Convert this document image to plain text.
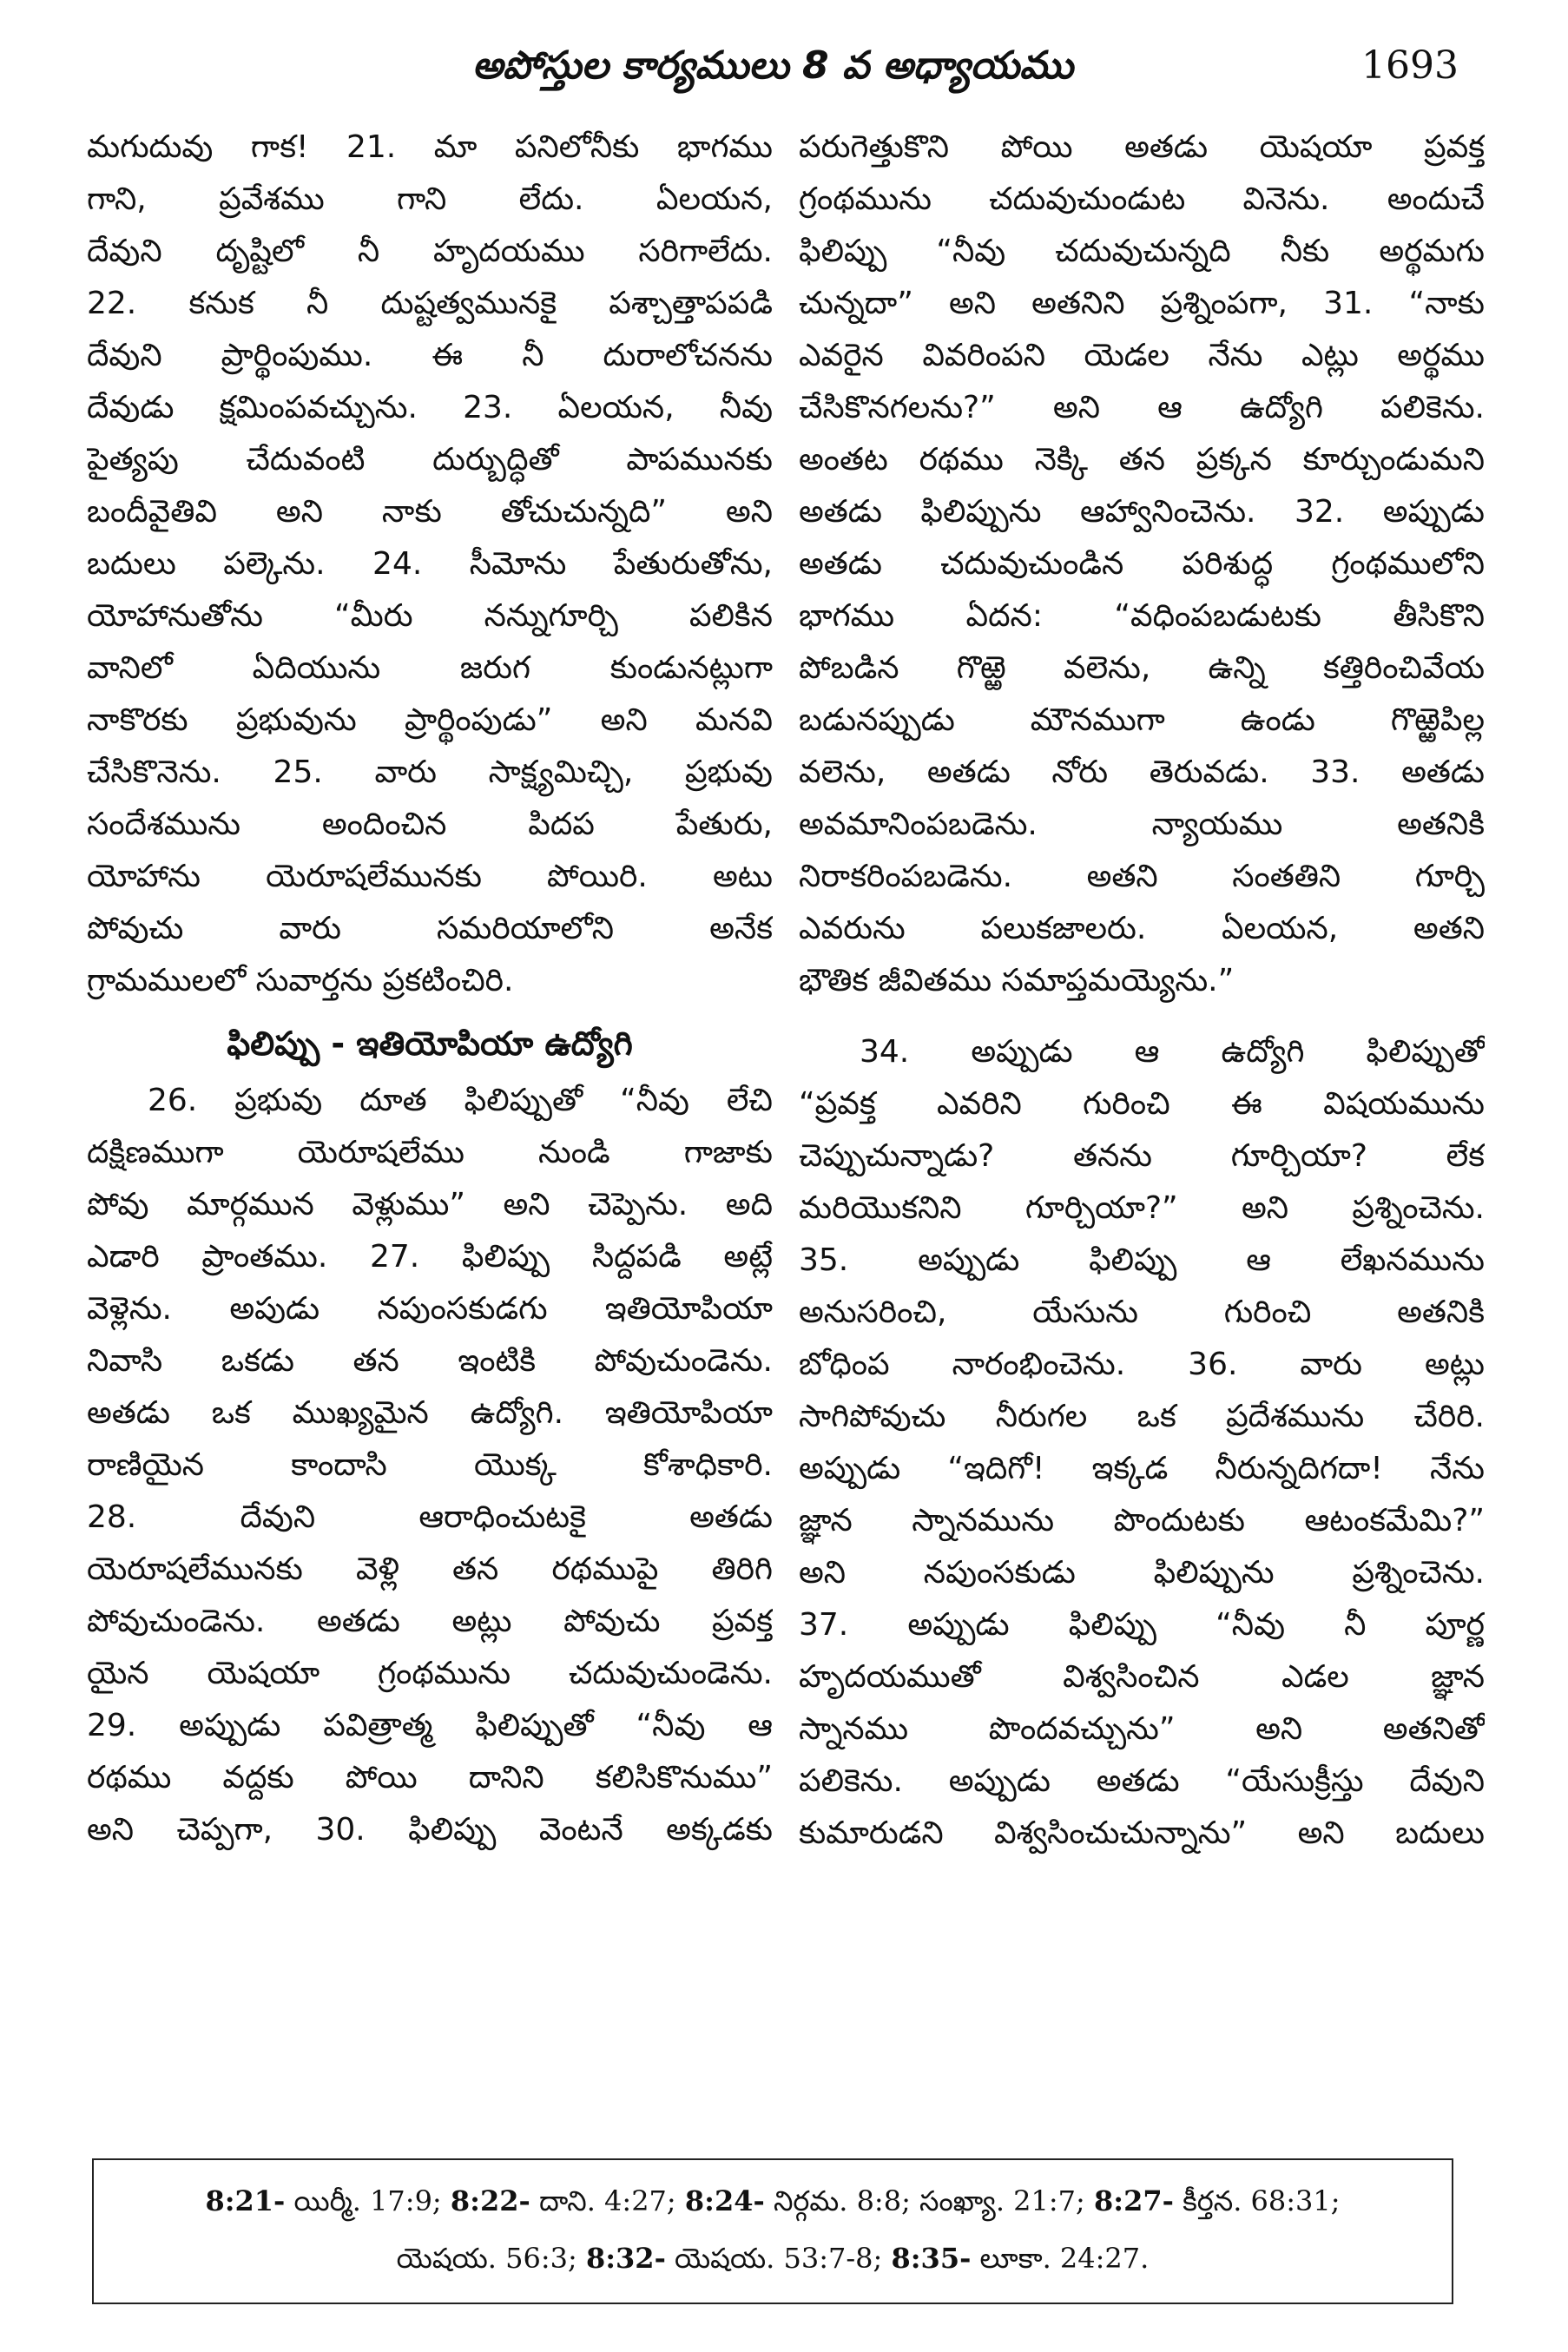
అపోస్తుల కార్యములు 8 వ అధ్యాయము	1693
మగుదువు గాక! 21. మా పనిలోనీకు భాగము
గాని, ప్రవేశము గాని లేదు. ఏలయన,
దేవుని దృష్టిలో నీ హృదయము సరిగాలేదు.
22. కనుక నీ దుష్టత్వమునకై పశ్చాత్తాపపడి
దేవుని ప్రార్థింపుము. ఈ నీ దురాలోచనను
దేవుడు క్షమింపవచ్చును. 23. ఏలయన, నీవు
పైత్యపు చేదువంటి దుర్బుద్ధితో పాపమునకు
బందీవైతివి అని నాకు తోచుచున్నది” అని
బదులు పల్కెను. 24. సీమోను పేతురుతోను,
యోహానుతోను “మీరు నన్నుగూర్చి పలికిన
వానిలో ఏదియును జరుగ కుండునట్లుగా
నాకొరకు ప్రభువును ప్రార్థింపుడు” అని మనవి
చేసికొనెను. 25. వారు సాక్ష్యమిచ్చి, ప్రభువు
సందేశమును అందించిన పిదప పేతురు,
యోహాను యెరూషలేమునకు పోయిరి. అటు
పోవుచు వారు సమరియాలోని అనేక
గ్రామములలో సువార్తను ప్రకటించిరి.
ఫిలిప్పు - ఇతియోపియా ఉద్యోగి
26. ప్రభువు దూత ఫిలిప్పుతో “నీవు లేచి
దక్షిణముగా యెరూషలేము నుండి గాజాకు
పోవు మార్గమున వెళ్లుము” అని చెప్పెను. అది
ఎడారి ప్రాంతము. 27. ఫిలిప్పు సిద్దపడి అట్లే
వెళ్లెను. అపుడు నపుంసకుడగు ఇతియోపియా
నివాసి ఒకడు తన ఇంటికి పోవుచుండెను.
అతడు ఒక ముఖ్యమైన ఉద్యోగి. ఇతియోపియా
రాణియైన కాందాసి యొక్క కోశాధికారి.
28. దేవుని ఆరాధించుటకై అతడు
యెరూషలేమునకు వెళ్లి తన రథముపై తిరిగి
పోవుచుండెను. అతడు అట్లు పోవుచు ప్రవక్త
యైన యెషయా గ్రంథమును చదువుచుండెను.
29. అప్పుడు పవిత్రాత్మ ఫిలిప్పుతో “నీవు ఆ
రథము వద్దకు పోయి దానిని కలిసికొనుము”
అని చెప్పగా, 30. ఫిలిప్పు వెంటనే అక్కడకు
పరుగెత్తుకొని పోయి అతడు యెషయా ప్రవక్త
గ్రంథమును చదువుచుండుట వినెను. అందుచే
ఫిలిప్పు “నీవు చదువుచున్నది నీకు అర్థమగు
చున్నదా” అని అతనిని ప్రశ్నింపగా, 31. “నాకు
ఎవరైన వివరింపని యెడల నేను ఎట్లు అర్థము
చేసికొనగలను?” అని ఆ ఉద్యోగి పలికెను.
అంతట రథము నెక్కి తన ప్రక్కన కూర్చుండుమని
అతడు ఫిలిప్పును ఆహ్వానించెను. 32. అప్పుడు
అతడు చదువుచుండిన పరిశుద్ధ గ్రంథములోని
భాగము ఏదన: “వధింపబడుటకు తీసికొని
పోబడిన గొఱ్ఱె వలెను, ఉన్ని కత్తిరించివేయ
బడునప్పుడు మౌనముగా ఉండు గొఱ్ఱెపిల్ల
వలెను, అతడు నోరు తెరువడు. 33. అతడు
అవమానింపబడెను. న్యాయము అతనికి
నిరాకరింపబడెను. అతని సంతతిని గూర్చి
ఎవరును పలుకజాలరు. ఏలయన, అతని
భౌతిక జీవితము సమాప్తమయ్యెను.”
34. అప్పుడు ఆ ఉద్యోగి ఫిలిప్పుతో
“ప్రవక్త ఎవరిని గురించి ఈ విషయమును
చెప్పుచున్నాడు? తనను గూర్చియా? లేక
మరియొకనిని గూర్చియా?” అని ప్రశ్నించెను.
35. అప్పుడు ఫిలిప్పు ఆ లేఖనమును
అనుసరించి, యేసును గురించి అతనికి
బోధింప నారంభించెను. 36. వారు అట్లు
సాగిపోవుచు నీరుగల ఒక ప్రదేశమును చేరిరి.
అప్పుడు “ఇదిగో! ఇక్కడ నీరున్నదిగదా! నేను
జ్ఞాన స్నానమును పొందుటకు ఆటంకమేమి?”
అని నపుంసకుడు ఫిలిప్పును ప్రశ్నించెను.
37. అప్పుడు ఫిలిప్పు “నీవు నీ పూర్ణ
హృదయముతో విశ్వసించిన ఎడల జ్ఞాన
స్నానము పొందవచ్చును” అని అతనితో
పలికెను. అప్పుడు అతడు “యేసుక్రీస్తు దేవుని
కుమారుడని విశ్వసించుచున్నాను” అని బదులు
8:21- యిర్మీ. 17:9; 8:22- దాని. 4:27; 8:24- నిర్గమ. 8:8; సంఖ్యా. 21:7; 8:27- కీర్తన. 68:31;
యెషయ. 56:3; 8:32- యెషయ. 53:7-8; 8:35- లూకా. 24:27.
